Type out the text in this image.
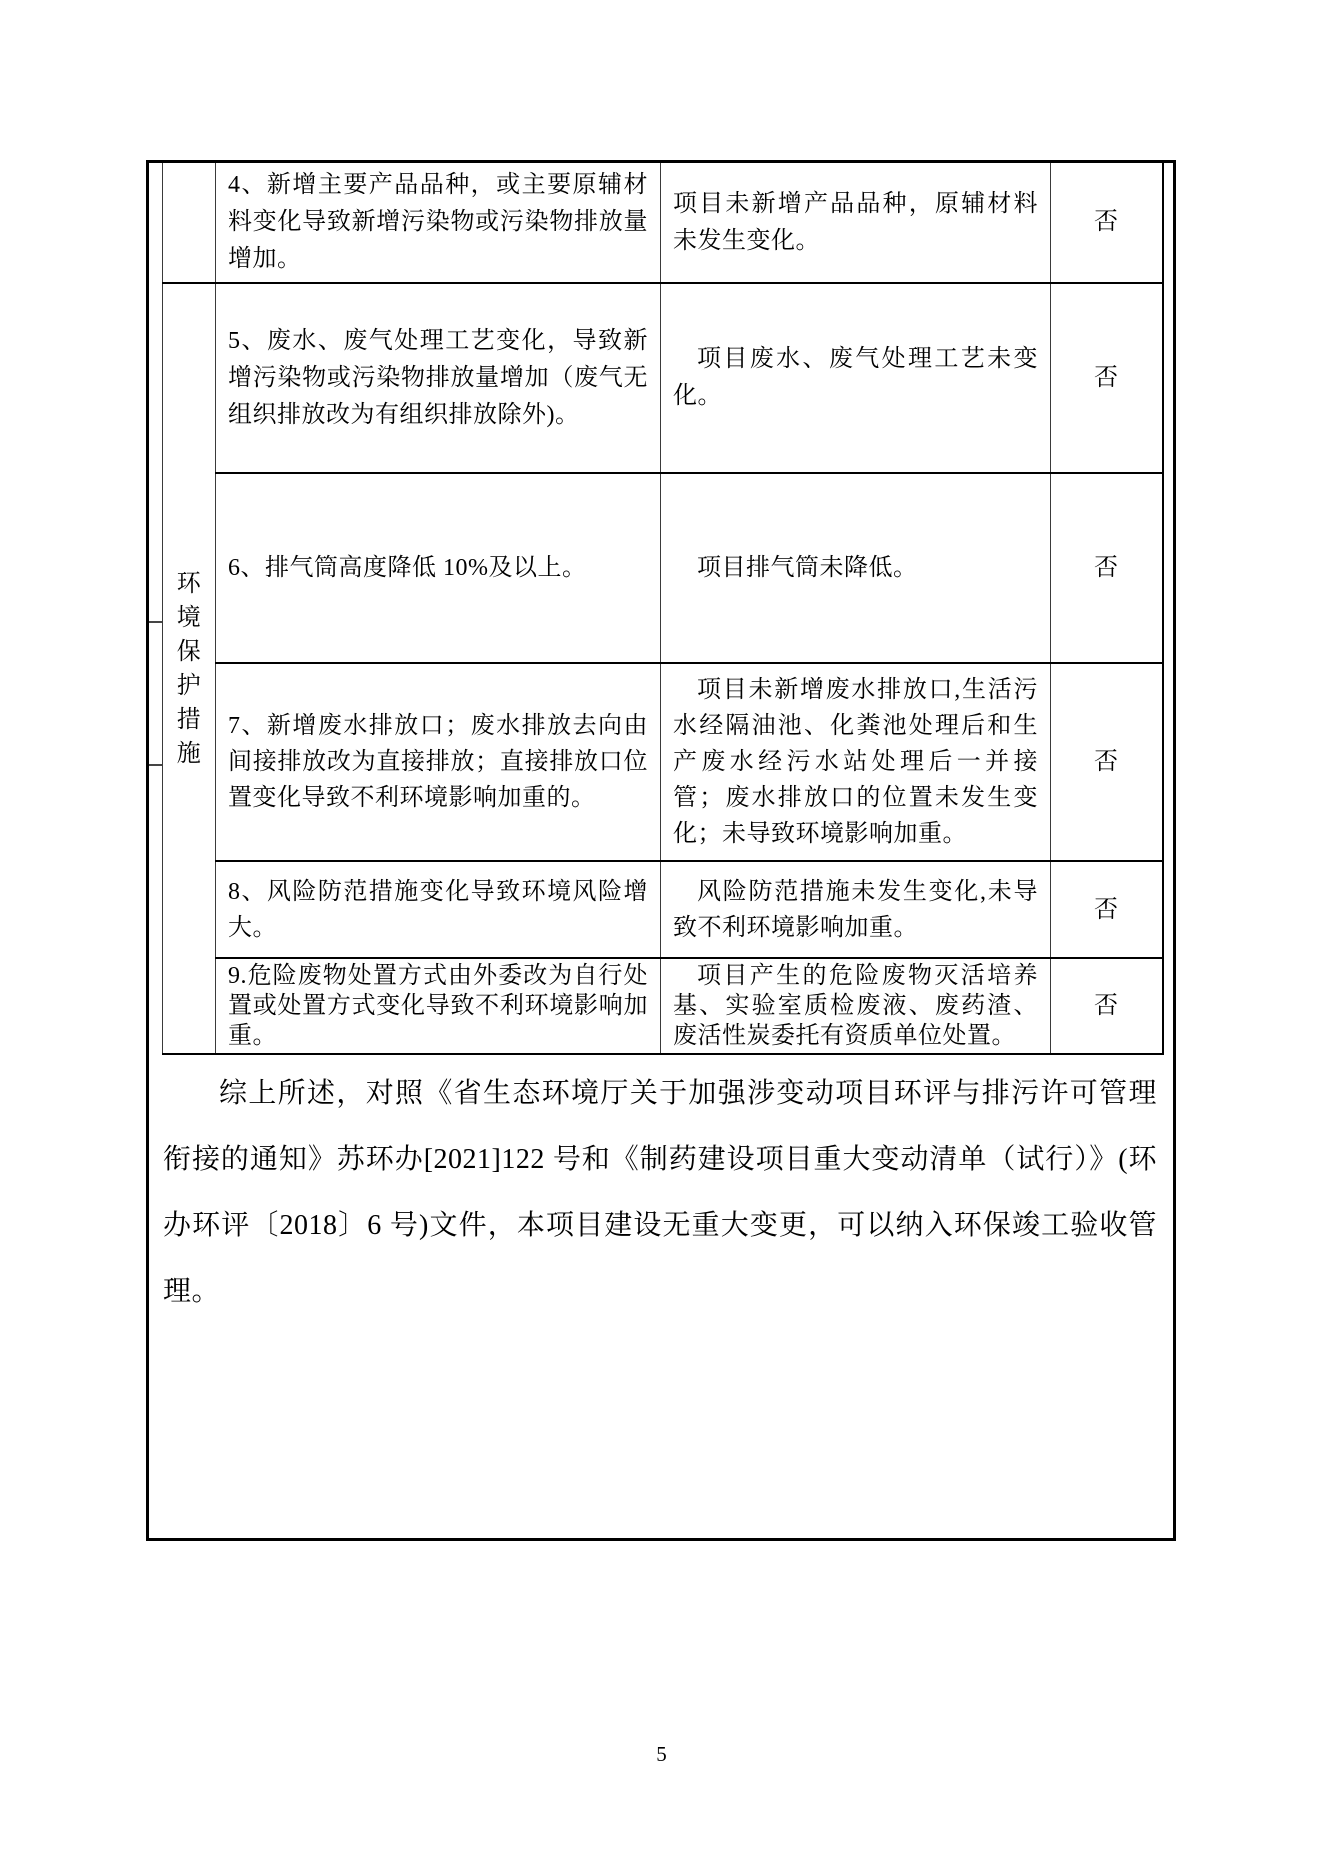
	4、新增主要产品品种，或主要原辅材料变化导致新增污染物或污染物排放量增加。	项目未新增产品品种，原辅材料未发生变化。	否

环
境
保
护
措
施
	5、废水、废气处理工艺变化，导致新增污染物或污染物排放量增加（废气无组织排放改为有组织排放除外)。	项目废水、废气处理工艺未变化。	否
	6、排气筒高度降低 10%及以上。	项目排气筒未降低。	否
	7、新增废水排放口；废水排放去向由间接排放改为直接排放；直接排放口位置变化导致不利环境影响加重的。	项目未新增废水排放口,生活污水经隔油池、化粪池处理后和生产废水经污水站处理后一并接管；废水排放口的位置未发生变化；未导致环境影响加重。	否
	8、风险防范措施变化导致环境风险增大。	风险防范措施未发生变化,未导致不利环境影响加重。	否
	9.危险废物处置方式由外委改为自行处置或处置方式变化导致不利环境影响加重。	项目产生的危险废物灭活培养基、实验室质检废液、废药渣、废活性炭委托有资质单位处置。	否

综上所述，对照《省生态环境厅关于加强涉变动项目环评与排污许可管理衔接的通知》苏环办[2021]122 号和《制药建设项目重大变动清单（试行）》(环办环评〔2018〕6 号)文件，本项目建设无重大变更，可以纳入环保竣工验收管理。

5
